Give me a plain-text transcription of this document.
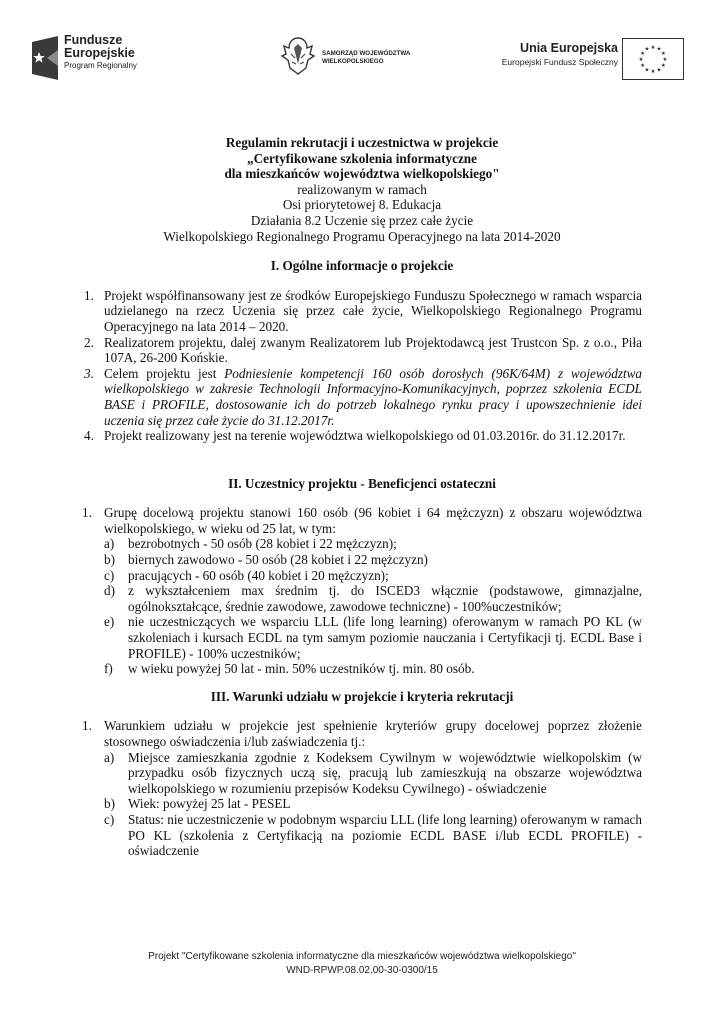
Fundusze
Europejskie
Program Regionalny
SAMORZĄD WOJEWÓDZTWA
WIELKOPOLSKIEGO
Unia Europejska
Europejski Fundusz Społeczny
★ ★
★
★
★
★
★
★
★
★
★
★
Regulamin rekrutacji i uczestnictwa w projekcie
„Certyfikowane szkolenia informatyczne
dla mieszkańców województwa wielkopolskiego"
realizowanym w ramach
Osi priorytetowej 8. Edukacja
Działania 8.2 Uczenie się przez całe życie
Wielkopolskiego Regionalnego Programu Operacyjnego na lata 2014-2020
I. Ogólne informacje o projekcie
1. Projekt współfinansowany jest ze środków Europejskiego Funduszu Społecznego w ramach wsparcia udzielanego na rzecz Uczenia się przez całe życie, Wielkopolskiego Regionalnego Programu Operacyjnego na lata 2014 – 2020.
2. Realizatorem projektu, dalej zwanym Realizatorem lub Projektodawcą jest Trustcon Sp. z o.o., Piła 107A, 26-200 Końskie.
3. Celem projektu jest Podniesienie kompetencji 160 osób dorosłych (96K/64M) z województwa wielkopolskiego w zakresie Technologii Informacyjno-Komunikacyjnych, poprzez szkolenia ECDL BASE i PROFILE, dostosowanie ich do potrzeb lokalnego rynku pracy i upowszechnienie idei uczenia się przez całe życie do 31.12.2017r.
4. Projekt realizowany jest na terenie województwa wielkopolskiego od 01.03.2016r. do 31.12.2017r.
II. Uczestnicy projektu - Beneficjenci ostateczni
1. Grupę docelową projektu stanowi 160 osób (96 kobiet i 64 mężczyzn) z obszaru województwa wielkopolskiego, w wieku od 25 lat, w tym:
a) bezrobotnych - 50 osób (28 kobiet i 22 mężczyzn);
b) biernych zawodowo - 50 osób (28 kobiet i 22 mężczyzn)
c) pracujących - 60 osób (40 kobiet i 20 mężczyzn);
d) z wykształceniem max średnim tj. do ISCED3 włącznie (podstawowe, gimnazjalne, ogólnokształcące, średnie zawodowe, zawodowe techniczne) - 100%uczestników;
e) nie uczestniczących we wsparciu LLL (life long learning) oferowanym w ramach PO KL (w szkoleniach i kursach ECDL na tym samym poziomie nauczania i Certyfikacji tj. ECDL Base i PROFILE) - 100% uczestników;
f) w wieku powyżej 50 lat - min. 50% uczestników tj. min. 80 osób.
III. Warunki udziału w projekcie i kryteria rekrutacji
1. Warunkiem udziału w projekcie jest spełnienie kryteriów grupy docelowej poprzez złożenie stosownego oświadczenia i/lub zaświadczenia tj.:
a) Miejsce zamieszkania zgodnie z Kodeksem Cywilnym w województwie wielkopolskim (w przypadku osób fizycznych uczą się, pracują lub zamieszkują na obszarze województwa wielkopolskiego w rozumieniu przepisów Kodeksu Cywilnego) - oświadczenie
b) Wiek: powyżej 25 lat - PESEL
c) Status: nie uczestniczenie w podobnym wsparciu LLL (life long learning) oferowanym w ramach PO KL (szkolenia z Certyfikacją na poziomie ECDL BASE i/lub ECDL PROFILE) - oświadczenie
Projekt "Certyfikowane szkolenia informatyczne dla mieszkańców województwa wielkopolskiego"
WND-RPWP.08.02.00-30-0300/15
